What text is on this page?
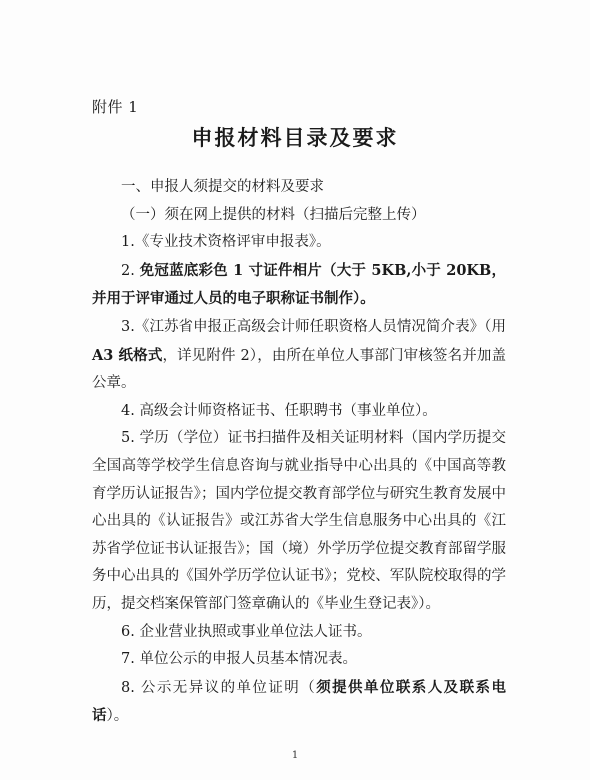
附件 1
申报材料目录及要求

一、申报人须提交的材料及要求

（一）须在网上提供的材料（扫描后完整上传）

1.《专业技术资格评审申报表》。

2. 免冠蓝底彩色 1 寸证件相片（大于 5KB,小于 20KB，并用于评审通过人员的电子职称证书制作）。

3.《江苏省申报正高级会计师任职资格人员情况简介表》（用 A3 纸格式，详见附件 2），由所在单位人事部门审核签名并加盖公章。

4. 高级会计师资格证书、任职聘书（事业单位）。

5. 学历（学位）证书扫描件及相关证明材料（国内学历提交全国高等学校学生信息咨询与就业指导中心出具的《中国高等教育学历认证报告》；国内学位提交教育部学位与研究生教育发展中心出具的《认证报告》或江苏省大学生信息服务中心出具的《江苏省学位证书认证报告》；国（境）外学历学位提交教育部留学服务中心出具的《国外学历学位认证书》；党校、军队院校取得的学历，提交档案保管部门签章确认的《毕业生登记表》）。

6. 企业营业执照或事业单位法人证书。

7. 单位公示的申报人员基本情况表。

8. 公示无异议的单位证明（须提供单位联系人及联系电话）。

1
